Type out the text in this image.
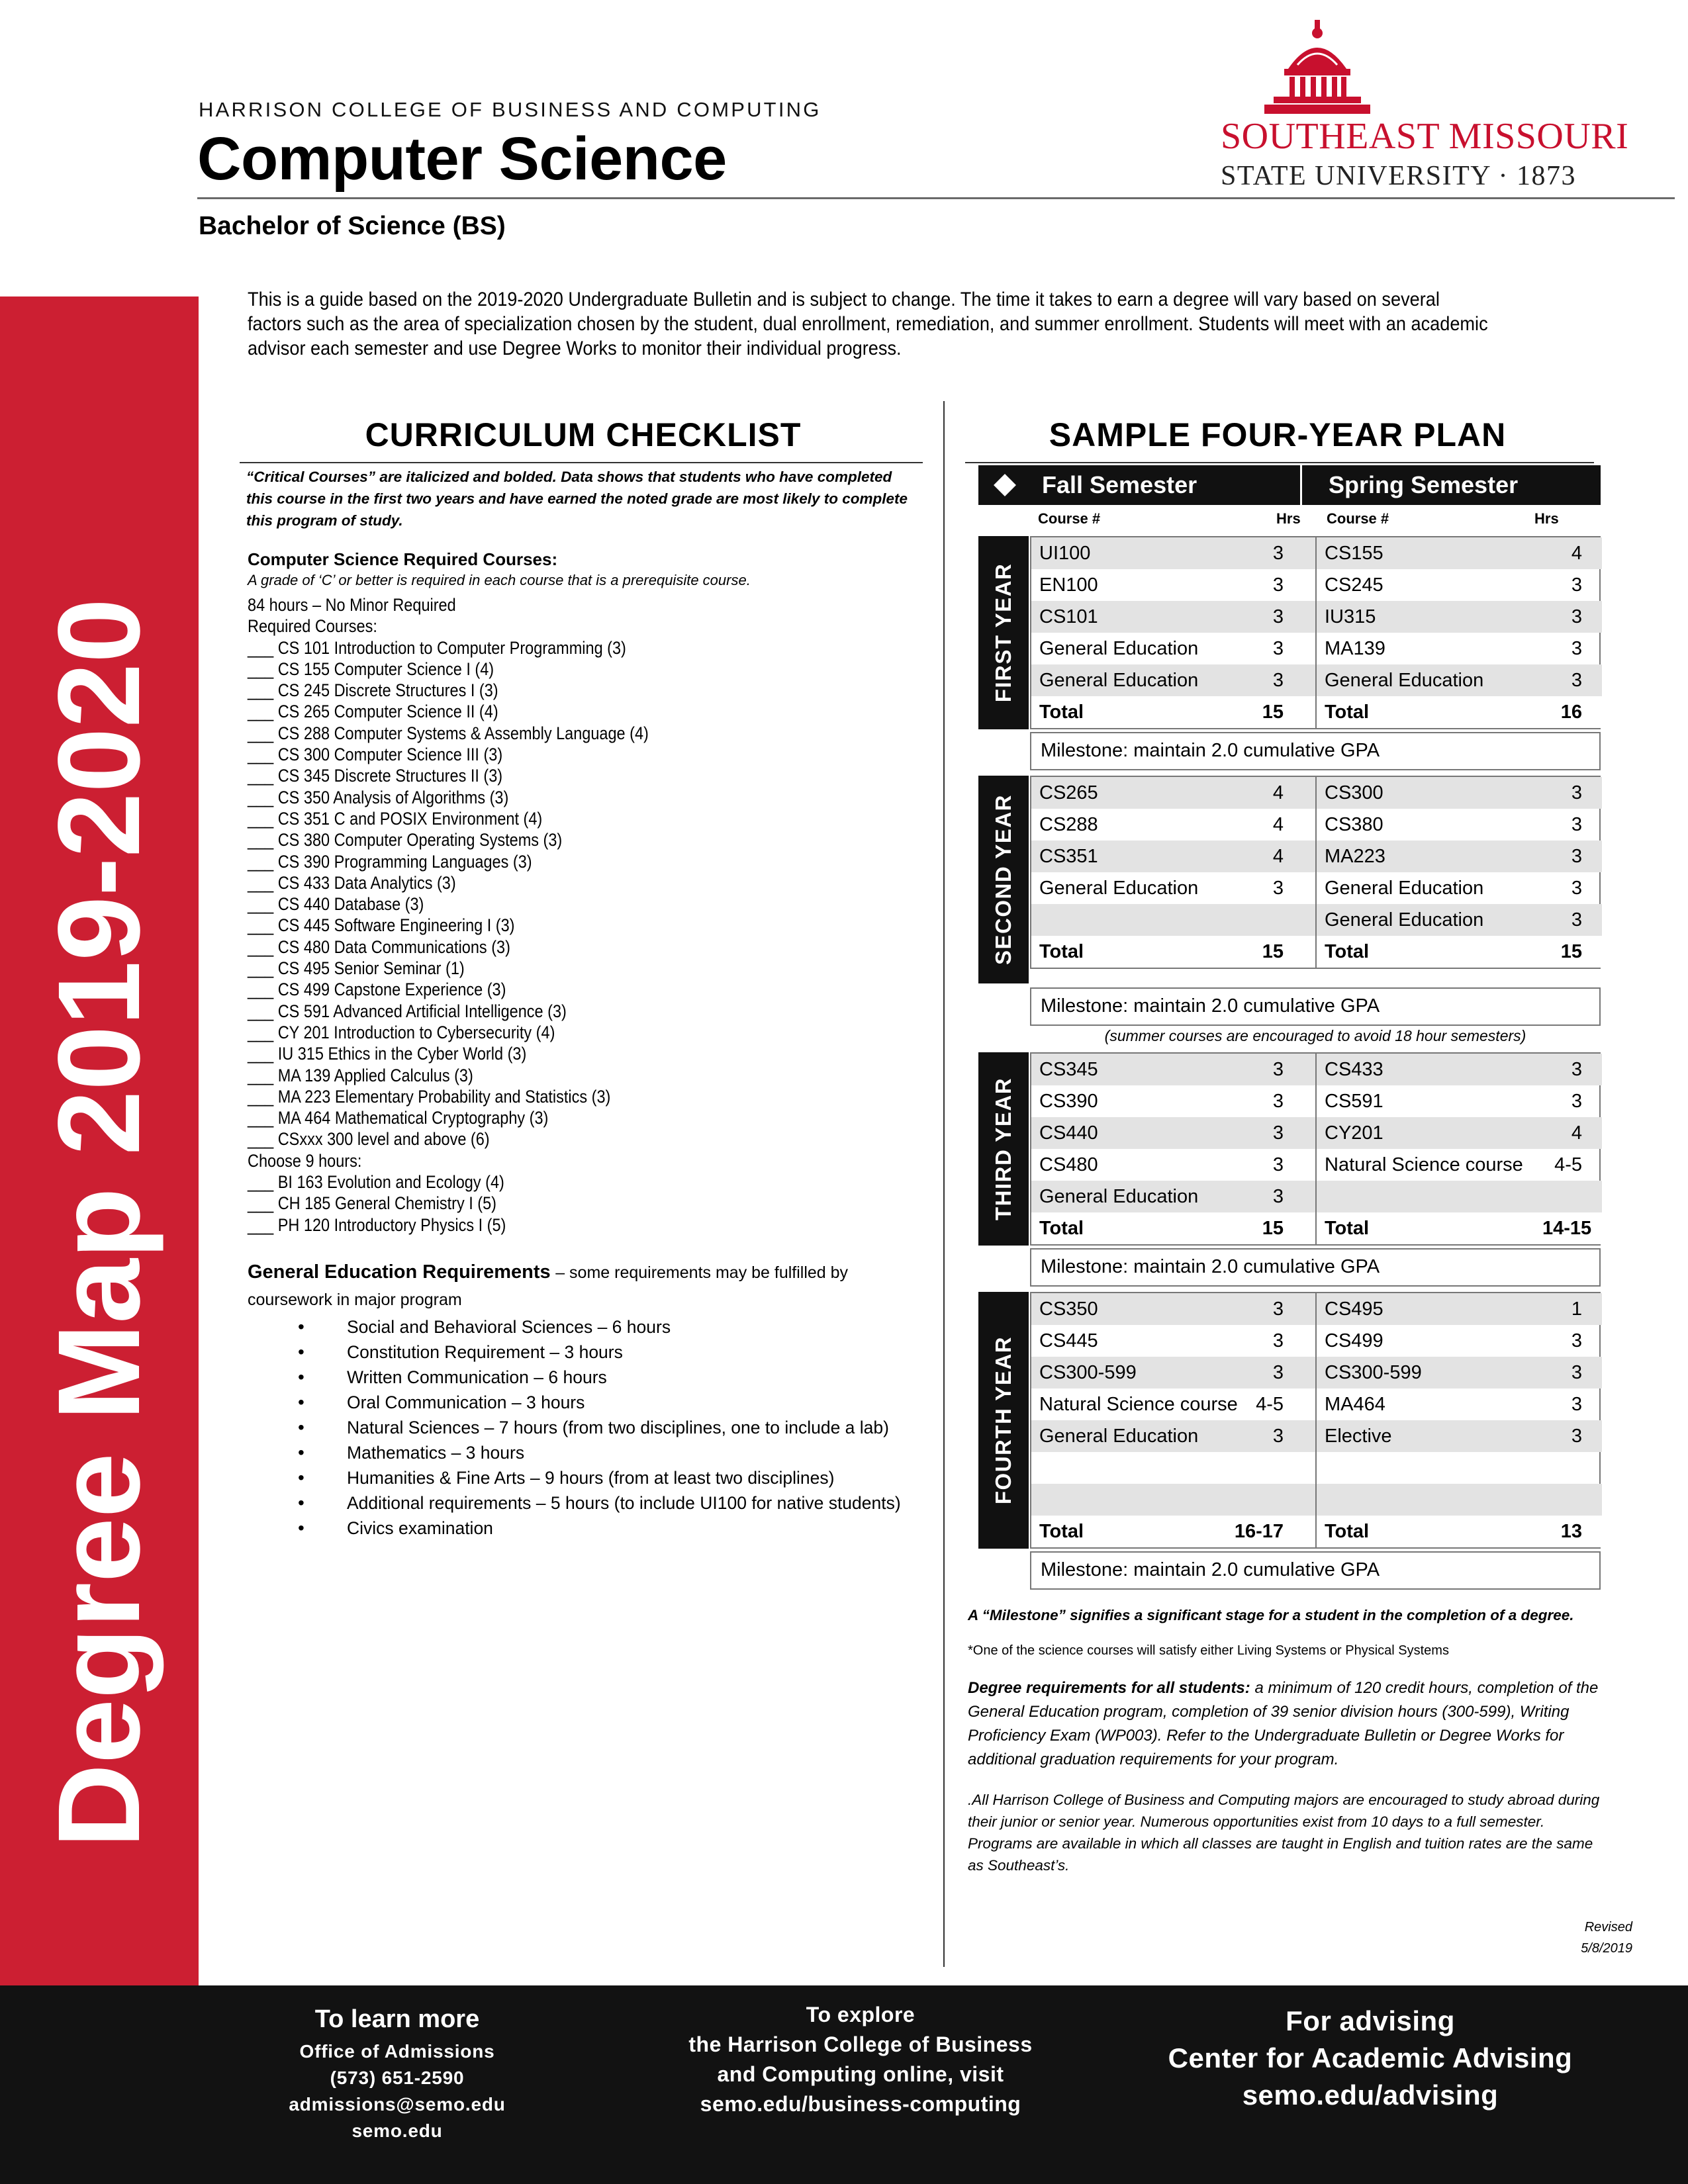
HARRISON COLLEGE OF BUSINESS AND COMPUTING
Computer Science
Bachelor of Science (BS)
SOUTHEAST MISSOURI
STATE UNIVERSITY · 1873
Degree Map 2019-2020
This is a guide based on the 2019-2020 Undergraduate Bulletin and is subject to change. The time it takes to earn a degree will vary based on several factors such as the area of specialization chosen by the student, dual enrollment, remediation, and summer enrollment. Students will meet with an academic advisor each semester and use Degree Works to monitor their individual progress.
CURRICULUM CHECKLIST
“Critical Courses” are italicized and bolded. Data shows that students who have completed this course in the first two years and have earned the noted grade are most likely to complete this program of study.
Computer Science Required Courses:
A grade of ‘C’ or better is required in each course that is a prerequisite course.
84 hours – No Minor Required
Required Courses:
___ CS 101 Introduction to Computer Programming (3)
___ CS 155 Computer Science I (4)
___ CS 245 Discrete Structures I (3)
___ CS 265 Computer Science II (4)
___ CS 288 Computer Systems & Assembly Language (4)
___ CS 300 Computer Science III (3)
___ CS 345 Discrete Structures II (3)
___ CS 350 Analysis of Algorithms (3)
___ CS 351 C and POSIX Environment (4)
___ CS 380 Computer Operating Systems (3)
___ CS 390 Programming Languages (3)
___ CS 433 Data Analytics (3)
___ CS 440 Database (3)
___ CS 445 Software Engineering I (3)
___ CS 480 Data Communications (3)
___ CS 495 Senior Seminar (1)
___ CS 499 Capstone Experience (3)
___ CS 591 Advanced Artificial Intelligence (3)
___ CY 201 Introduction to Cybersecurity (4)
___ IU 315 Ethics in the Cyber World (3)
___ MA 139 Applied Calculus (3)
___ MA 223 Elementary Probability and Statistics (3)
___ MA 464 Mathematical Cryptography (3)
___ CSxxx 300 level and above (6)
Choose 9 hours:
___ BI 163 Evolution and Ecology (4)
___ CH 185 General Chemistry I (5)
___ PH 120 Introductory Physics I (5)
General Education Requirements – some requirements may be fulfilled by
coursework in major program
• Social and Behavioral Sciences – 6 hours
• Constitution Requirement – 3 hours
• Written Communication – 6 hours
• Oral Communication – 3 hours
• Natural Sciences – 7 hours (from two disciplines, one to include a lab)
• Mathematics – 3 hours
• Humanities & Fine Arts – 9 hours (from at least two disciplines)
• Additional requirements – 5 hours (to include UI100 for native students)
• Civics examination
SAMPLE FOUR-YEAR PLAN
Fall Semester	Spring Semester
Course #	Hrs Course #	Hrs
FIRST YEAR
UI100	3	CS155	4
EN100	3	CS245	3
CS101	3	IU315	3
General Education	3	MA139	3
General Education	3	General Education	3
Total	15	Total	16
Milestone: maintain 2.0 cumulative GPA
SECOND YEAR
CS265	4	CS300	3
CS288	4	CS380	3
CS351	4	MA223	3
General Education	3	General Education	3
		General Education	3
Total	15	Total	15
Milestone: maintain 2.0 cumulative GPA
THIRD YEAR
CS345	3	CS433	3
CS390	3	CS591	3
CS440	3	CY201	4
CS480	3	Natural Science course	4-5
General Education	3		
Total	15	Total	14-15
Milestone: maintain 2.0 cumulative GPA
FOURTH YEAR
CS350	3	CS495	1
CS445	3	CS499	3
CS300-599	3	CS300-599	3
Natural Science course	4-5	MA464	3
General Education	3	Elective	3

Total	16-17	Total	13
Milestone: maintain 2.0 cumulative GPA
(summer courses are encouraged to avoid 18 hour semesters)
A “Milestone” signifies a significant stage for a student in the completion of a degree.
*One of the science courses will satisfy either Living Systems or Physical Systems
Degree requirements for all students: a minimum of 120 credit hours, completion of the General Education program, completion of 39 senior division hours (300-599), Writing Proficiency Exam (WP003). Refer to the Undergraduate Bulletin or Degree Works for additional graduation requirements for your program.
.All Harrison College of Business and Computing majors are encouraged to study abroad during their junior or senior year. Numerous opportunities exist from 10 days to a full semester. Programs are available in which all classes are taught in English and tuition rates are the same as Southeast’s.
Revised
5/8/2019
To learn more
Office of Admissions
(573) 651-2590
admissions@semo.edu
semo.edu
To explore
the Harrison College of Business
and Computing online, visit
semo.edu/business-computing
For advising
Center for Academic Advising
semo.edu/advising
